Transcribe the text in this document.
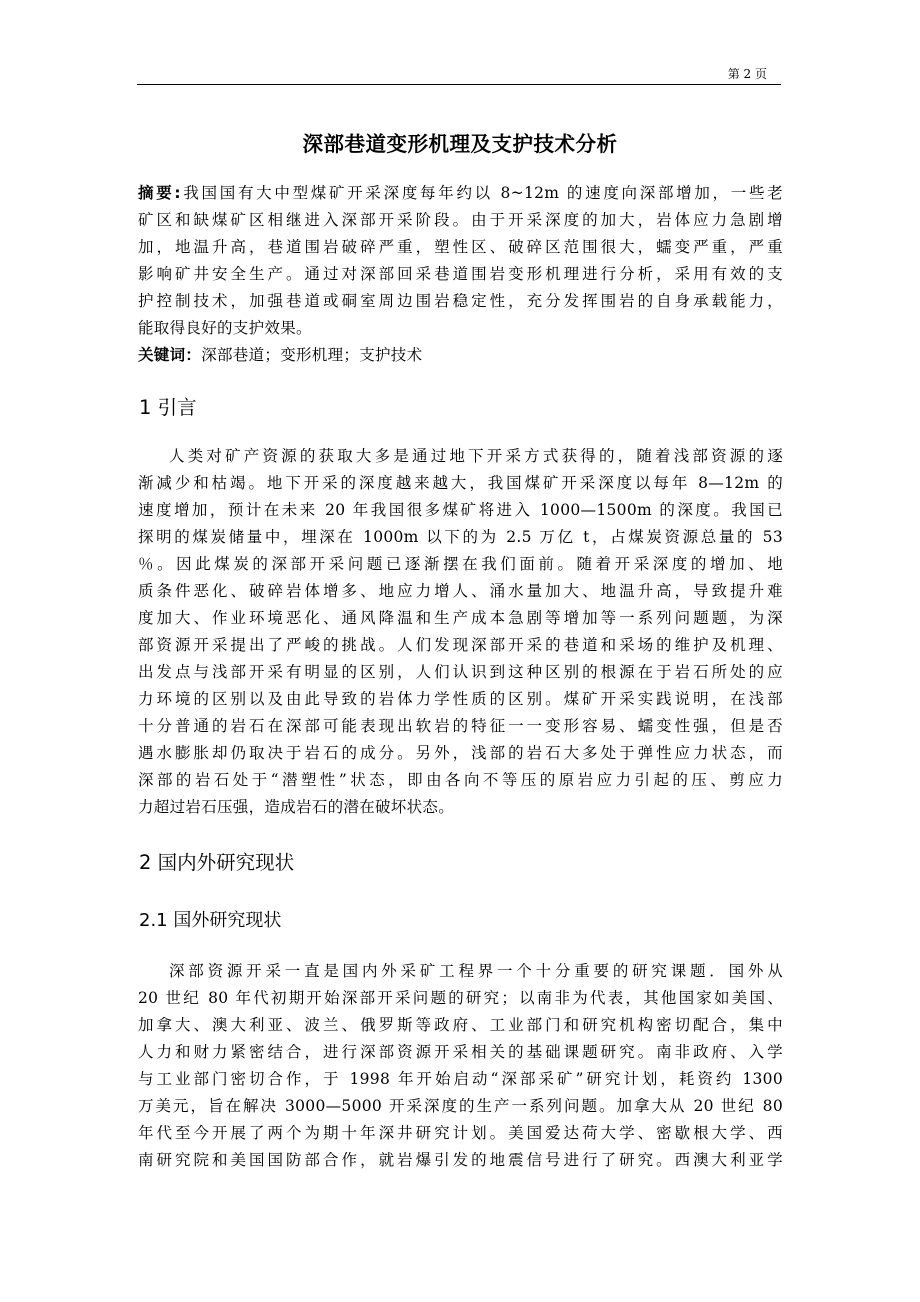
第 2 页
深部巷道变形机理及支护技术分析
摘要:我国国有大中型煤矿开采深度每年约以 8~12m 的速度向深部增加，一些老
矿区和缺煤矿区相继进入深部开采阶段。由于开采深度的加大，岩体应力急剧增
加，地温升高，巷道围岩破碎严重，塑性区、破碎区范围很大，蠕变严重，严重
影响矿井安全生产。通过对深部回采巷道围岩变形机理进行分析，采用有效的支
护控制技术，加强巷道或硐室周边围岩稳定性，充分发挥围岩的自身承载能力，
能取得良好的支护效果。
关键词：深部巷道；变形机理；支护技术
1 引言
人类对矿产资源的获取大多是通过地下开采方式获得的，随着浅部资源的逐
渐减少和枯竭。地下开采的深度越来越大，我国煤矿开采深度以每年 8—12m 的
速度增加，预计在未来 20 年我国很多煤矿将进入 1000—1500m 的深度。我国已
探明的煤炭储量中，埋深在 1000m 以下的为 2.5 万亿 t，占煤炭资源总量的 53
％。因此煤炭的深部开采问题已逐渐摆在我们面前。随着开采深度的增加、地
质条件恶化、破碎岩体增多、地应力增人、涌水量加大、地温升高，导致提升难
度加大、作业环境恶化、通风降温和生产成本急剧等增加等一系列问题题，为深
部资源开采提出了严峻的挑战。人们发现深部开采的巷道和采场的维护及机理、
出发点与浅部开采有明显的区别，人们认识到这种区别的根源在于岩石所处的应
力环境的区别以及由此导致的岩体力学性质的区别。煤矿开采实践说明，在浅部
十分普通的岩石在深部可能表现出软岩的特征一一变形容易、蠕变性强，但是否
遇水膨胀却仍取决于岩石的成分。另外，浅部的岩石大多处于弹性应力状态，而
深部的岩石处于“潜塑性”状态，即由各向不等压的原岩应力引起的压、剪应力
力超过岩石压强，造成岩石的潜在破坏状态。
2 国内外研究现状
2.1 国外研究现状
深部资源开采一直是国内外采矿工程界一个十分重要的研究课题．国外从
20 世纪 80 年代初期开始深部开采问题的研究；以南非为代表，其他国家如美国、
加拿大、澳大利亚、波兰、俄罗斯等政府、工业部门和研究机构密切配合，集中
人力和财力紧密结合，进行深部资源开采相关的基础课题研究。南非政府、入学
与工业部门密切合作，于 1998 年开始启动“深部采矿”研究计划，耗资约 1300
万美元，旨在解决 3000—5000 开采深度的生产一系列问题。加拿大从 20 世纪 80
年代至今开展了两个为期十年深井研究计划。美国爱达荷大学、密歇根大学、西
南研究院和美国国防部合作，就岩爆引发的地震信号进行了研究。西澳大利亚学
